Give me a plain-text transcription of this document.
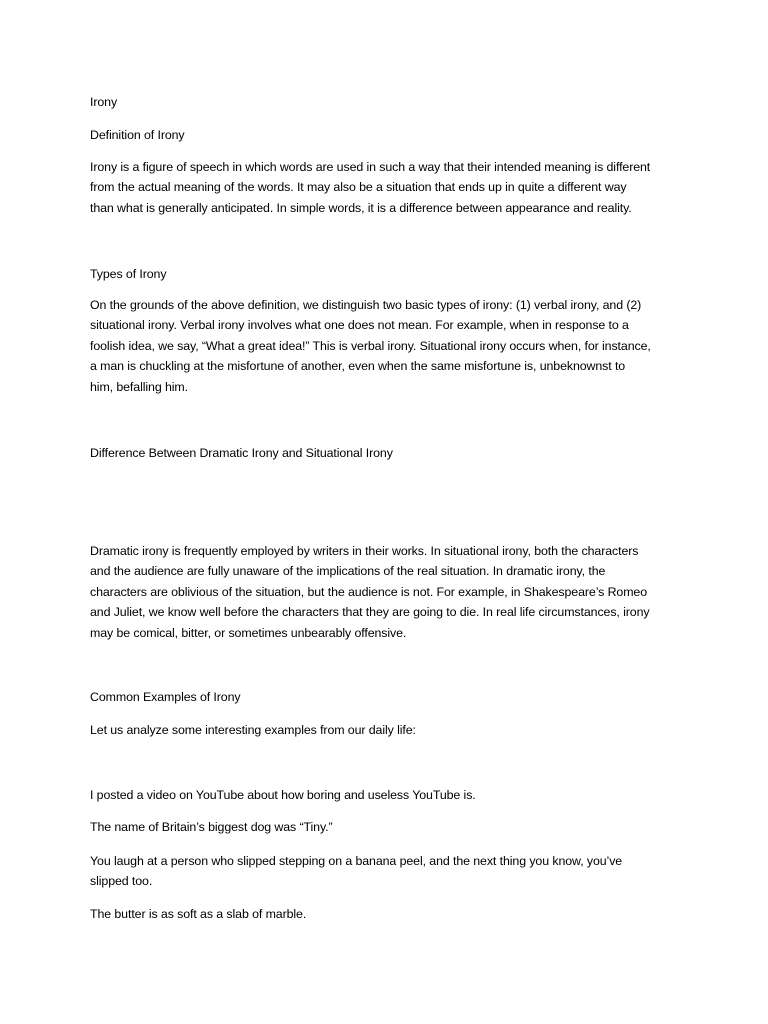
Irony

Definition of Irony

Irony is a figure of speech in which words are used in such a way that their intended meaning is different
from the actual meaning of the words. It may also be a situation that ends up in quite a different way
than what is generally anticipated. In simple words, it is a difference between appearance and reality.

Types of Irony

On the grounds of the above definition, we distinguish two basic types of irony: (1) verbal irony, and (2)
situational irony. Verbal irony involves what one does not mean. For example, when in response to a
foolish idea, we say, “What a great idea!” This is verbal irony. Situational irony occurs when, for instance,
a man is chuckling at the misfortune of another, even when the same misfortune is, unbeknownst to
him, befalling him.

Difference Between Dramatic Irony and Situational Irony

Dramatic irony is frequently employed by writers in their works. In situational irony, both the characters
and the audience are fully unaware of the implications of the real situation. In dramatic irony, the
characters are oblivious of the situation, but the audience is not. For example, in Shakespeare’s Romeo
and Juliet, we know well before the characters that they are going to die. In real life circumstances, irony
may be comical, bitter, or sometimes unbearably offensive.

Common Examples of Irony

Let us analyze some interesting examples from our daily life:

I posted a video on YouTube about how boring and useless YouTube is.
The name of Britain’s biggest dog was “Tiny.”
You laugh at a person who slipped stepping on a banana peel, and the next thing you know, you’ve
slipped too.
The butter is as soft as a slab of marble.
